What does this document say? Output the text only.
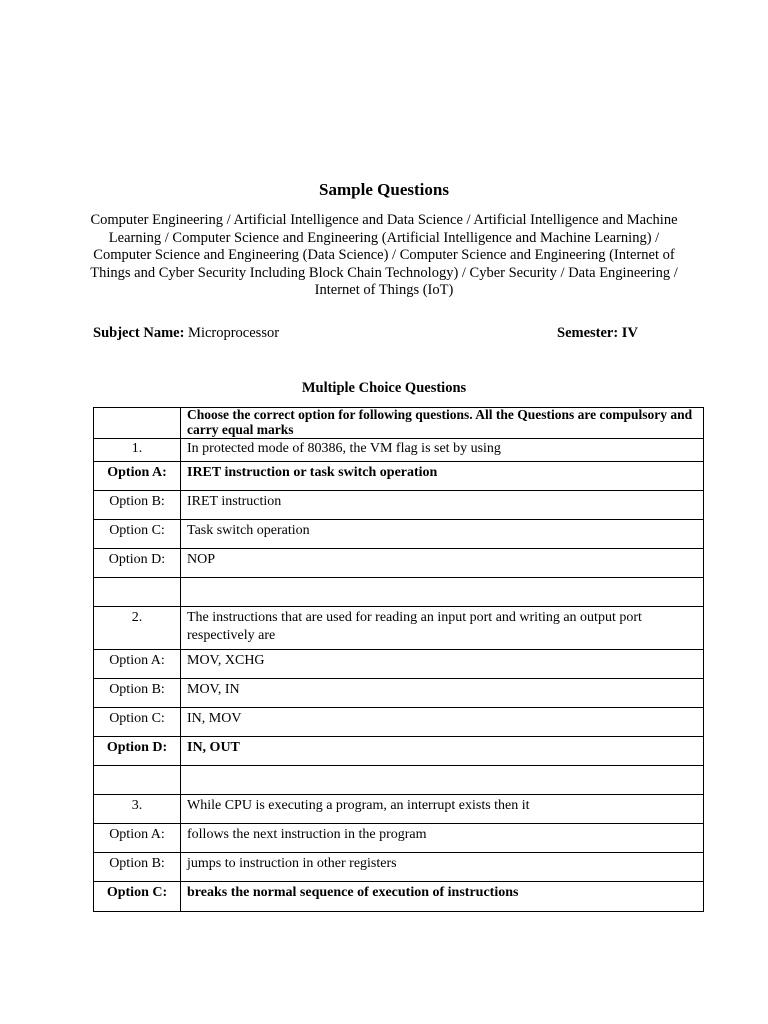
Sample Questions
Computer Engineering / Artificial Intelligence and Data Science / Artificial Intelligence and Machine Learning / Computer Science and Engineering (Artificial Intelligence and Machine Learning) / Computer Science and Engineering (Data Science) / Computer Science and Engineering (Internet of Things and Cyber Security Including Block Chain Technology) / Cyber Security / Data Engineering / Internet of Things (IoT)
Subject Name: Microprocessor	Semester: IV
Multiple Choice Questions
	Choose the correct option for following questions. All the Questions are compulsory and carry equal marks
1.	In protected mode of 80386, the VM flag is set by using
Option A:	IRET instruction or task switch operation
Option B:	IRET instruction
Option C:	Task switch operation
Option D:	NOP

2.	The instructions that are used for reading an input port and writing an output port respectively are
Option A:	MOV, XCHG
Option B:	MOV, IN
Option C:	IN, MOV
Option D:	IN, OUT

3.	While CPU is executing a program, an interrupt exists then it
Option A:	follows the next instruction in the program
Option B:	jumps to instruction in other registers
Option C:	breaks the normal sequence of execution of instructions
